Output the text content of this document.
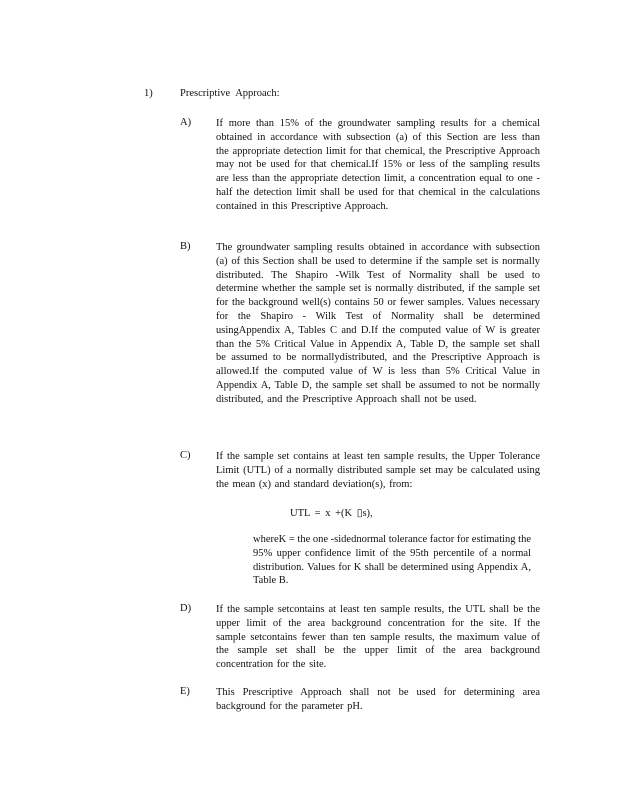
1)	Prescriptive Approach:
A) If more than 15% of the groundwater sampling results for a chemical obtained in accordance with subsection (a) of this Section are less than the appropriate detection limit for that chemical, the Prescriptive Approach may not be used for that chemical.If 15% or less of the sampling results are less than the appropriate detection limit, a concentration equal to one -half the detection limit shall be used for that chemical in the calculations contained in this Prescriptive Approach.
B) The groundwater sampling results obtained in accordance with subsection (a) of this Section shall be used to determine if the sample set is normally distributed. The Shapiro -Wilk Test of Normality shall be used to determine whether the sample set is normally distributed, if the sample set for the background well(s) contains 50 or fewer samples. Values necessary for the Shapiro - Wilk Test of Normality shall be determined usingAppendix A, Tables C and D.If the computed value of W is greater than the 5% Critical Value in Appendix A, Table D, the sample set shall be assumed to be normallydistributed, and the Prescriptive Approach is allowed.If the computed value of W is less than 5% Critical Value in Appendix A, Table D, the sample set shall be assumed to not be normally distributed, and the Prescriptive Approach shall not be used.
C) If the sample set contains at least ten sample results, the Upper Tolerance Limit (UTL) of a normally distributed sample set may be calculated using the mean (x) and standard deviation(s), from:
UTL = x +(K ▯s),
whereK = the one -sidednormal tolerance factor for estimating the 95% upper confidence limit of the 95th percentile of a normal distribution. Values for K shall be determined using Appendix A, Table B.
D) If the sample setcontains at least ten sample results, the UTL shall be the upper limit of the area background concentration for the site. If the sample setcontains fewer than ten sample results, the maximum value of the sample set shall be the upper limit of the area background concentration for the site.
E) This Prescriptive Approach shall not be used for determining area background for the parameter pH.
